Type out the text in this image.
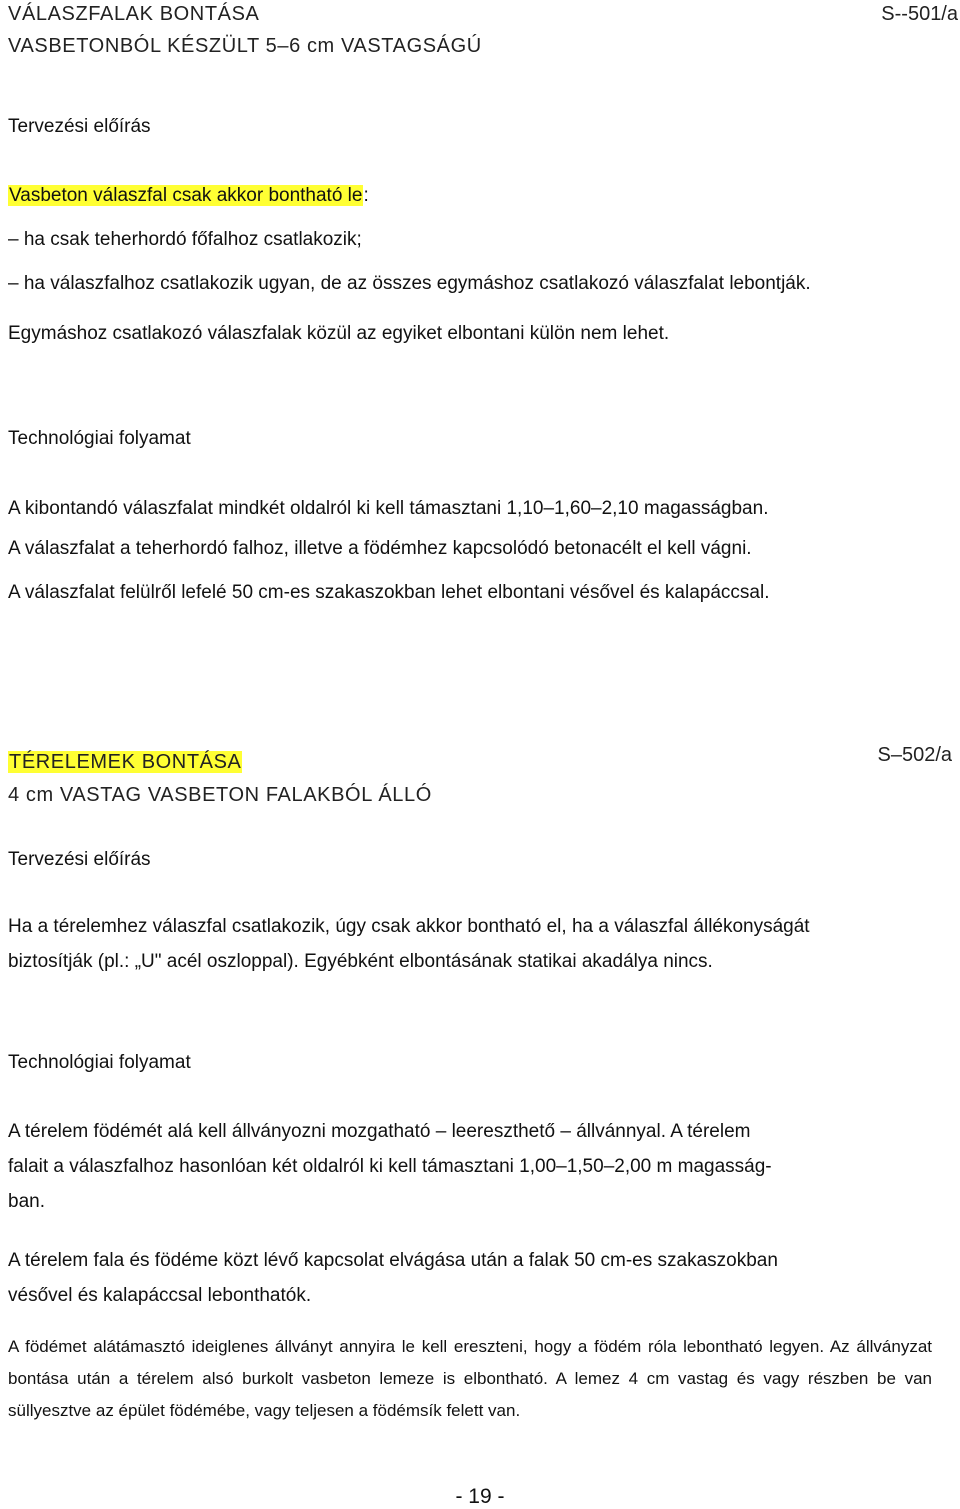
VÁLASZFALAK BONTÁSA
VASBETONBÓL KÉSZÜLT 5–6 cm VASTAGSÁGÚ
S--501/a
Tervezési előírás
Vasbeton válaszfal csak akkor bontható le:
– ha csak teherhordó főfalhoz csatlakozik;
– ha válaszfalhoz csatlakozik ugyan, de az összes egymáshoz csatlakozó válaszfalat lebontják.
Egymáshoz csatlakozó válaszfalak közül az egyiket elbontani külön nem lehet.
Technológiai folyamat
A kibontandó válaszfalat mindkét oldalról ki kell támasztani 1,10–1,60–2,10 magasságban.
A válaszfalat a teherhordó falhoz, illetve a födémhez kapcsolódó betonacélt el kell vágni.
A válaszfalat felülről lefelé 50 cm-es szakaszokban lehet elbontani vésővel és kalapáccsal.
TÉRELEMEK BONTÁSA	S–502/a
4 cm VASTAG VASBETON FALAKBÓL ÁLLÓ
Tervezési előírás
Ha a térelemhez válaszfal csatlakozik, úgy csak akkor bontható el, ha a válaszfal állékonyságát
biztosítják (pl.: „U" acél oszloppal). Egyébként elbontásának statikai akadálya nincs.
Technológiai folyamat
A térelem födémét alá kell állványozni mozgatható – leereszthető – állvánnyal. A térelem
falait a válaszfalhoz hasonlóan két oldalról ki kell támasztani 1,00–1,50–2,00 m magasság-
ban.
A térelem fala és födéme közt lévő kapcsolat elvágása után a falak 50 cm-es szakaszokban
vésővel és kalapáccsal lebonthatók.
A födémet alátámasztó ideiglenes állványt annyira le kell ereszteni, hogy a födém róla lebontható legyen. Az állványzat bontása után a térelem alsó burkolt vasbeton lemeze is elbontható. A lemez 4 cm vastag és vagy részben be van süllyesztve az épület födémébe, vagy teljesen a födémsík felett van.
- 19 -
